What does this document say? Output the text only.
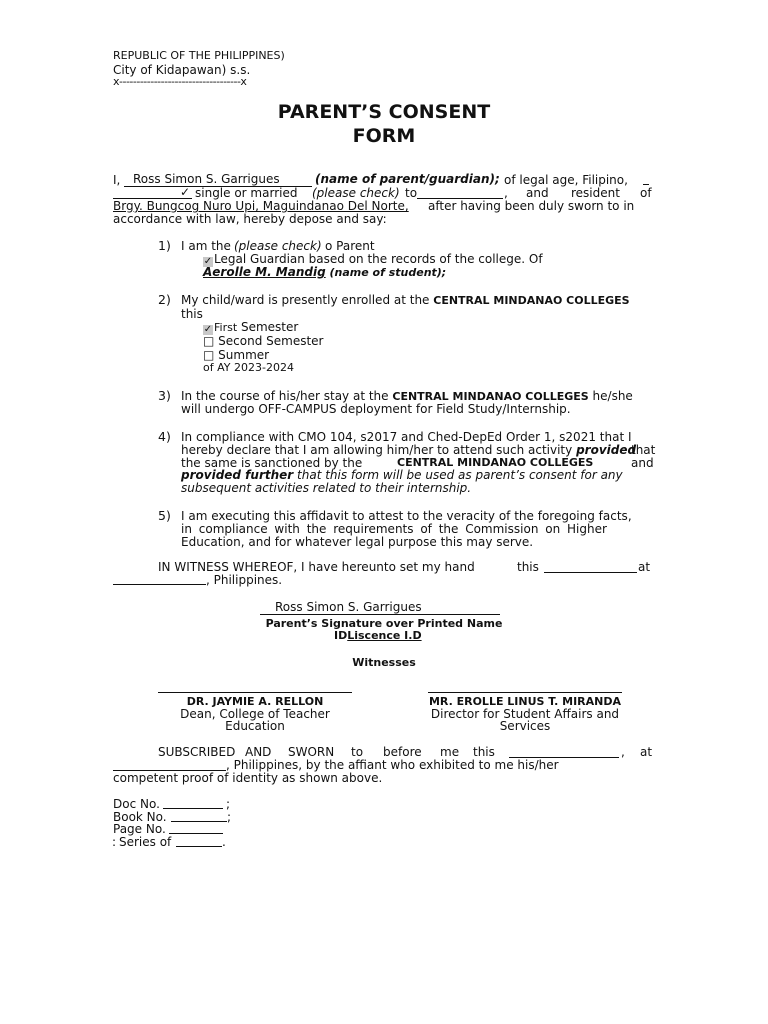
REPUBLIC OF THE PHILIPPINES)
City of Kidapawan) s.s.
x-----------------------------------x
PARENT’S CONSENT
FORM
I, Ross Simon S. Garrigues	(name of parent/guardian); of legal age, Filipino,
✓ single or married (please check) to	, and resident of
Brgy. Bungcog Nuro Upi, Maguindanao Del Norte, after having been duly sworn to in
accordance with law, hereby depose and say:
1) I am the (please check) o Parent
✓ Legal Guardian based on the records of the college. Of
Aerolle M. Mandig (name of student);
2) My child/ward is presently enrolled at the CENTRAL MINDANAO COLLEGES
this
✓ First Semester
□ Second Semester
□ Summer
of AY 2023-2024
3) In the course of his/her stay at the CENTRAL MINDANAO COLLEGES he/she
will undergo OFF-CAMPUS deployment for Field Study/Internship.
4) In compliance with CMO 104, s2017 and Ched-DepEd Order 1, s2021 that I
hereby declare that I am allowing him/her to attend such activity provided
that
the same is sanctioned by the	CENTRAL MINDANAO COLLEGES	and
provided further that this form will be used as parent’s consent for any
subsequent activities related to their internship.
5) I am executing this affidavit to attest to the veracity of the foregoing facts,
in compliance with the requirements of the Commission on Higher
Education, and for whatever legal purpose this may serve.
IN WITNESS WHEREOF, I have hereunto set my hand	this	at
, Philippines.
Ross Simon S. Garrigues
Parent’s Signature over Printed Name
IDLiscence I.D
Witnesses
DR. JAYMIE A. RELLON
Dean, College of Teacher
Education
MR. EROLLE LINUS T. MIRANDA
Director for Student Affairs and
Services
SUBSCRIBED AND SWORN to before me this	, at
, Philippines, by the affiant who exhibited to me his/her
competent proof of identity as shown above.
Doc No.	;
Book No.	;
Page No.
: Series of	.
